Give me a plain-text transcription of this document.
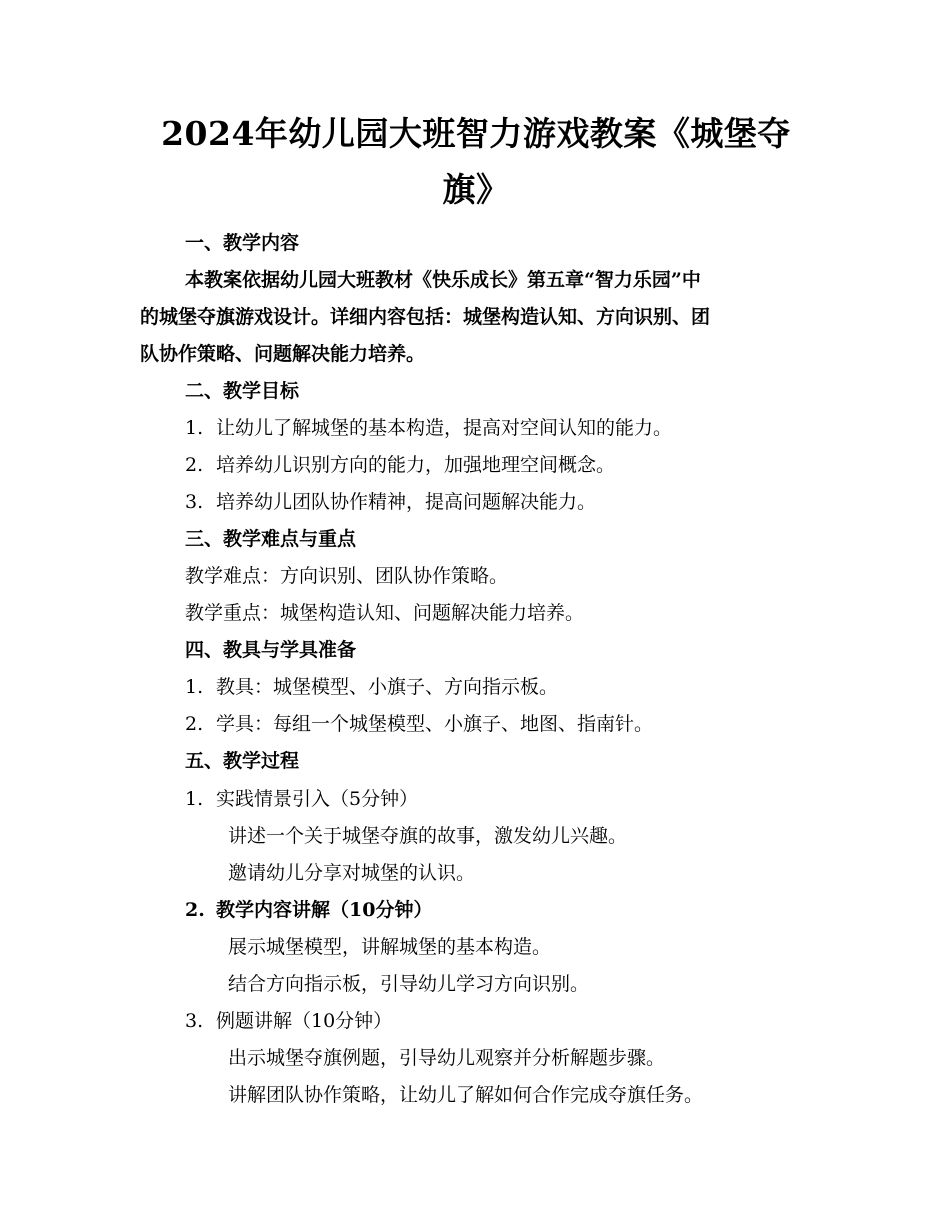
2024年幼儿园大班智力游戏教案《城堡夺
旗》
一、教学内容
本教案依据幼儿园大班教材《快乐成长》第五章“智力乐园”中
的城堡夺旗游戏设计。详细内容包括：城堡构造认知、方向识别、团
队协作策略、问题解决能力培养。
二、教学目标
1. 让幼儿了解城堡的基本构造，提高对空间认知的能力。
2. 培养幼儿识别方向的能力，加强地理空间概念。
3. 培养幼儿团队协作精神，提高问题解决能力。
三、教学难点与重点
教学难点：方向识别、团队协作策略。
教学重点：城堡构造认知、问题解决能力培养。
四、教具与学具准备
1. 教具：城堡模型、小旗子、方向指示板。
2. 学具：每组一个城堡模型、小旗子、地图、指南针。
五、教学过程
1. 实践情景引入（5分钟）
讲述一个关于城堡夺旗的故事，激发幼儿兴趣。
邀请幼儿分享对城堡的认识。
2. 教学内容讲解（10分钟）
展示城堡模型，讲解城堡的基本构造。
结合方向指示板，引导幼儿学习方向识别。
3. 例题讲解（10分钟）
出示城堡夺旗例题，引导幼儿观察并分析解题步骤。
讲解团队协作策略，让幼儿了解如何合作完成夺旗任务。
